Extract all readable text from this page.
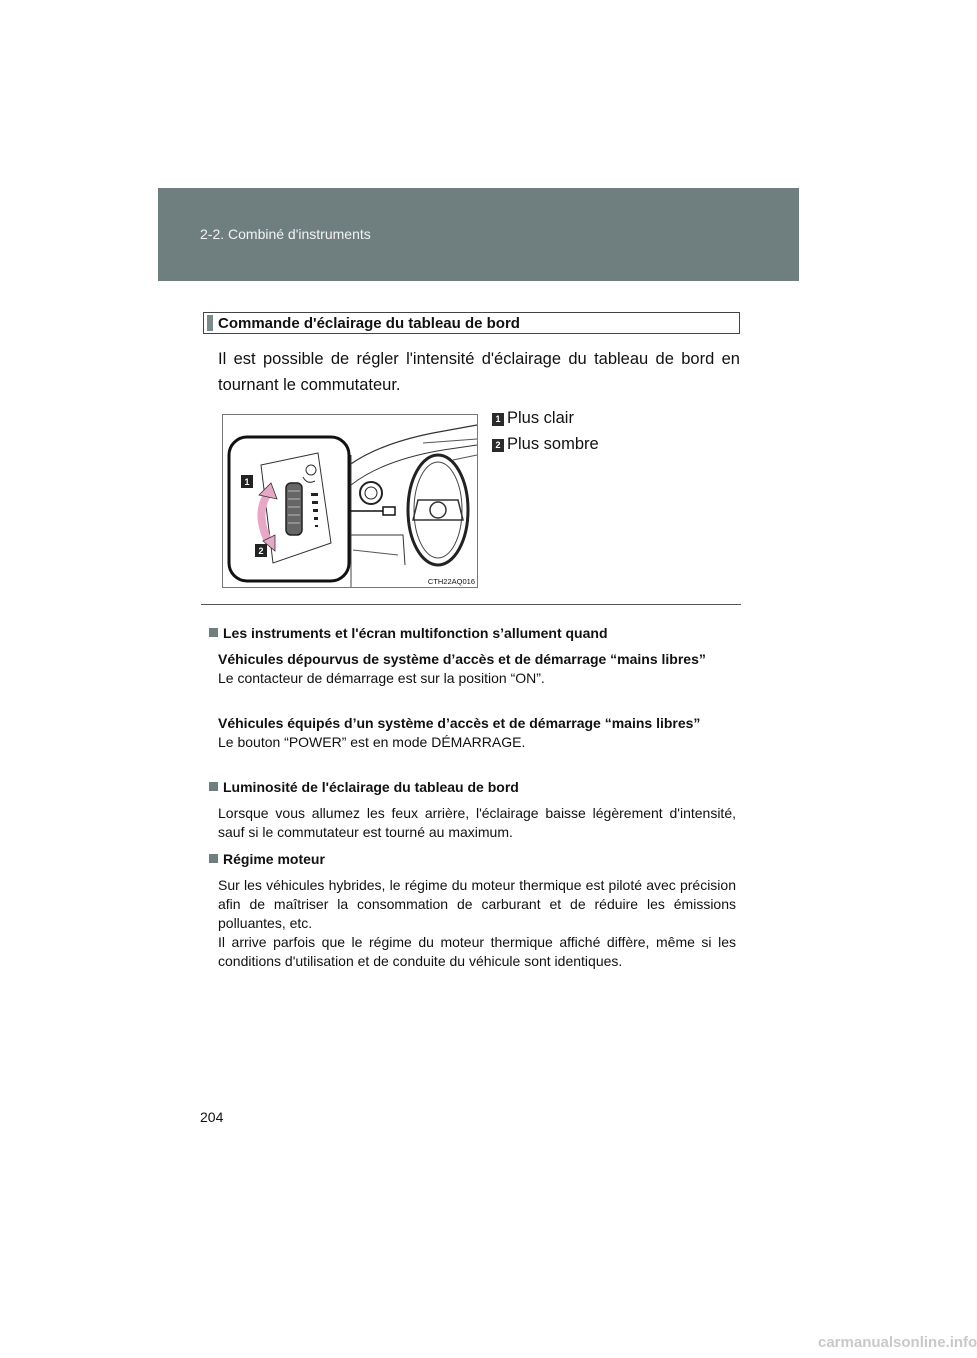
2-2. Combiné d'instruments
Commande d'éclairage du tableau de bord
Il est possible de régler l'intensité d'éclairage du tableau de bord en tournant le commutateur.
1
2
CTH22AQ016
1 Plus clair
2 Plus sombre
Les instruments et l'écran multifonction s’allument quand
Véhicules dépourvus de système d’accès et de démarrage “mains libres”
Le contacteur de démarrage est sur la position “ON”.
Véhicules équipés d’un système d’accès et de démarrage “mains libres”
Le bouton “POWER” est en mode DÉMARRAGE.
Luminosité de l'éclairage du tableau de bord
Lorsque vous allumez les feux arrière, l'éclairage baisse légèrement d'intensité, sauf si le commutateur est tourné au maximum.
Régime moteur
Sur les véhicules hybrides, le régime du moteur thermique est piloté avec précision afin de maîtriser la consommation de carburant et de réduire les émissions polluantes, etc.
Il arrive parfois que le régime du moteur thermique affiché diffère, même si les conditions d'utilisation et de conduite du véhicule sont identiques.
204
carmanualsonline.info
